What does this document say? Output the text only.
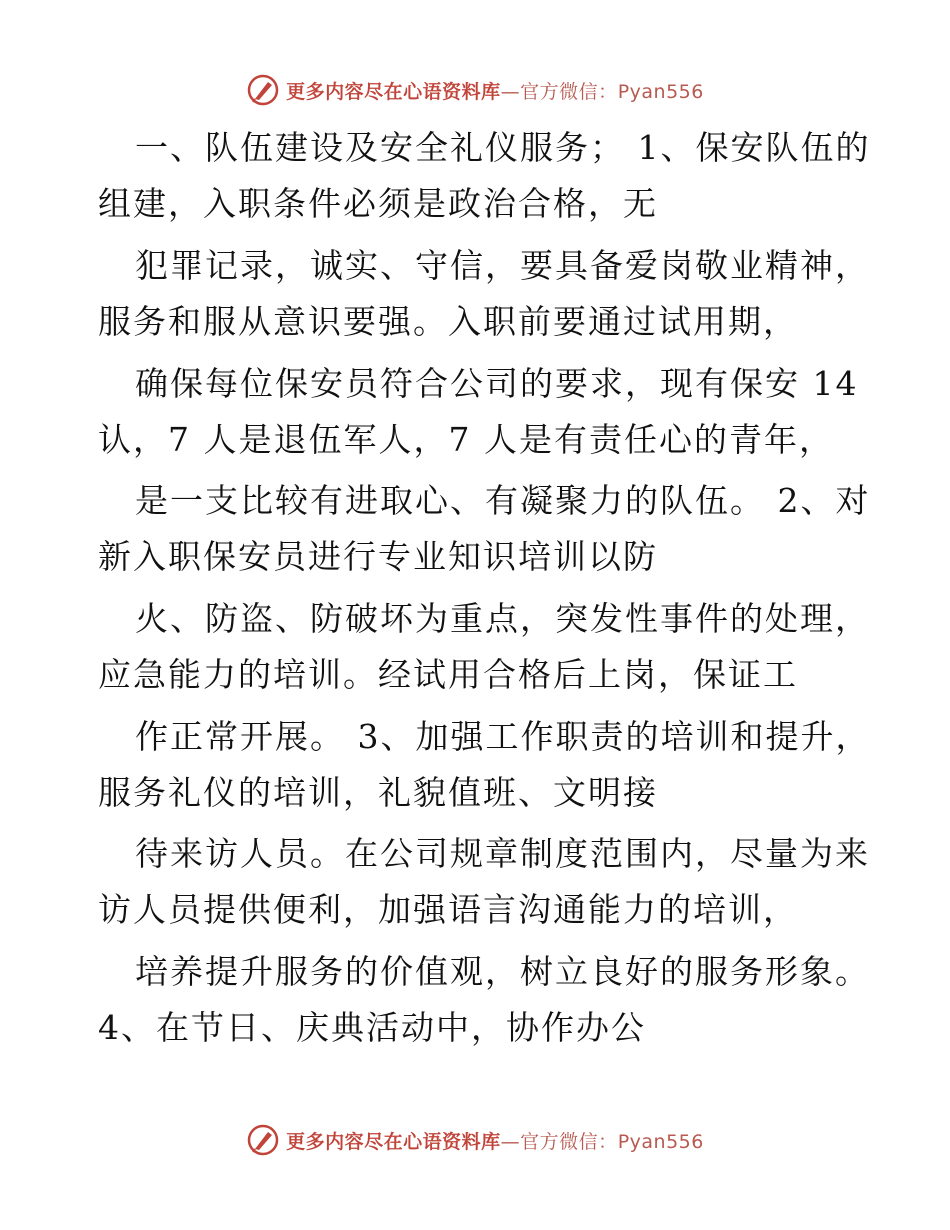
更多内容尽在心语资料库—官方微信：Pyan556
一、队伍建设及安全礼仪服务； 1、保安队伍的
组建，入职条件必须是政治合格，无
犯罪记录，诚实、守信，要具备爱岗敬业精神，
服务和服从意识要强。入职前要通过试用期，
确保每位保安员符合公司的要求，现有保安 14
认，7 人是退伍军人，7 人是有责任心的青年，
是一支比较有进取心、有凝聚力的队伍。 2、对
新入职保安员进行专业知识培训以防
火、防盗、防破坏为重点，突发性事件的处理，
应急能力的培训。经试用合格后上岗，保证工
作正常开展。 3、加强工作职责的培训和提升，
服务礼仪的培训，礼貌值班、文明接
待来访人员。在公司规章制度范围内，尽量为来
访人员提供便利，加强语言沟通能力的培训，
培养提升服务的价值观，树立良好的服务形象。
4、在节日、庆典活动中，协作办公
更多内容尽在心语资料库—官方微信：Pyan556
